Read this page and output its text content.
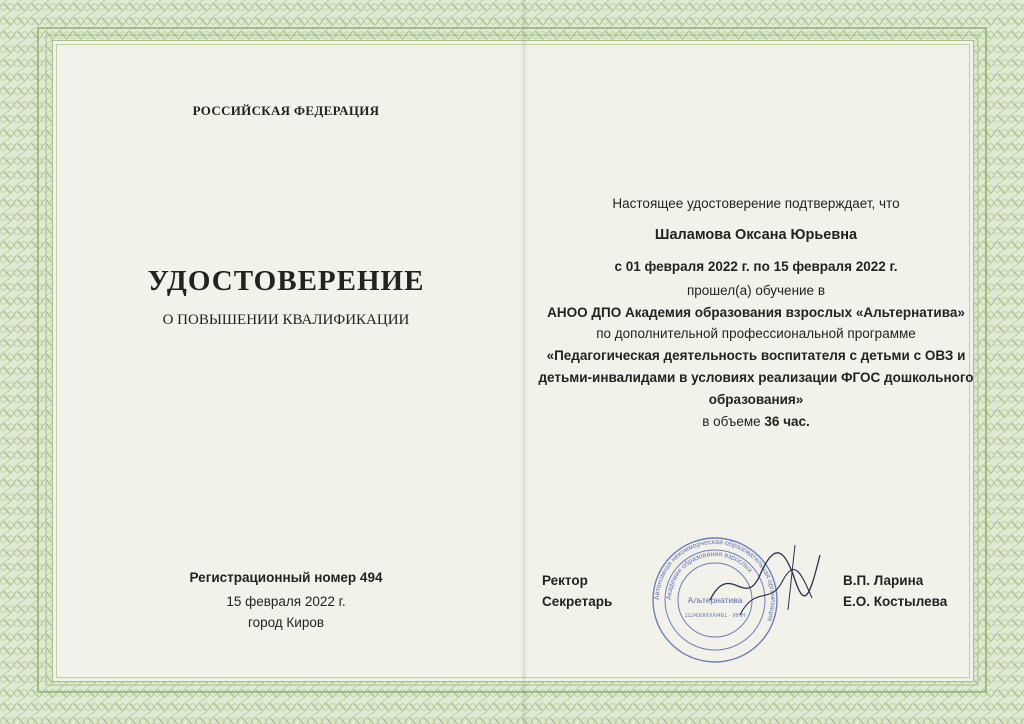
РОССИЙСКАЯ ФЕДЕРАЦИЯ
УДОСТОВЕРЕНИЕ
О ПОВЫШЕНИИ КВАЛИФИКАЦИИ
Регистрационный номер 494
15 февраля 2022 г.
город Киров
Настоящее удостоверение подтверждает, что
Шаламова Оксана Юрьевна
с 01 февраля 2022 г. по 15 февраля 2022 г.
прошел(а) обучение в
АНОО ДПО Академия образования взрослых «Альтернатива»
по дополнительной профессиональной программе
«Педагогическая деятельность воспитателя с детьми с ОВЗ и
детьми-инвалидами в условиях реализации ФГОС дошкольного
образования»
в объеме 36 час.
Ректор
Секретарь
В.П. Ларина
Е.О. Костылева
Автономная некоммерческая образовательная организация
Академия образования взрослых
Альтернатива
1124300000461 · ИНН
